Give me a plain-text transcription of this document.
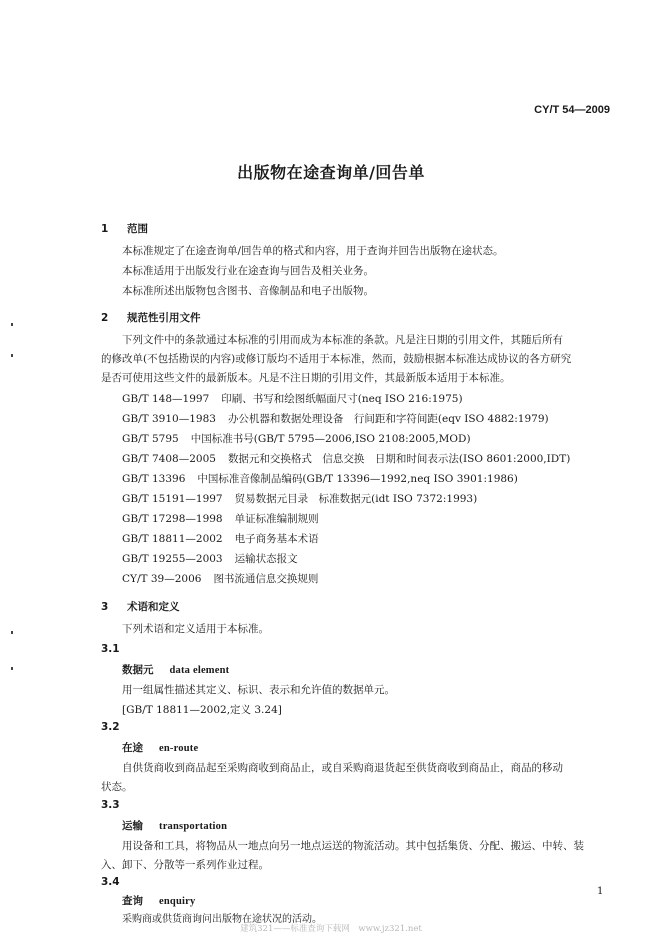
CY/T 54—2009
出版物在途查询单/回告单
1 范围
本标准规定了在途查询单/回告单的格式和内容，用于查询并回告出版物在途状态。
本标准适用于出版发行业在途查询与回告及相关业务。
本标准所述出版物包含图书、音像制品和电子出版物。
2 规范性引用文件
下列文件中的条款通过本标准的引用而成为本标准的条款。凡是注日期的引用文件，其随后所有
的修改单(不包括勘误的内容)或修订版均不适用于本标准，然而，鼓励根据本标准达成协议的各方研究
是否可使用这些文件的最新版本。凡是不注日期的引用文件，其最新版本适用于本标准。
GB/T 148—1997 印刷、书写和绘图纸幅面尺寸(neq ISO 216:1975)
GB/T 3910—1983 办公机器和数据处理设备　行间距和字符间距(eqv ISO 4882:1979)
GB/T 5795 中国标准书号(GB/T 5795—2006,ISO 2108:2005,MOD)
GB/T 7408—2005 数据元和交换格式　信息交换　日期和时间表示法(ISO 8601:2000,IDT)
GB/T 13396 中国标准音像制品编码(GB/T 13396—1992,neq ISO 3901:1986)
GB/T 15191—1997 贸易数据元目录　标准数据元(idt ISO 7372:1993)
GB/T 17298—1998 单证标准编制规则
GB/T 18811—2002 电子商务基本术语
GB/T 19255—2003 运输状态报文
CY/T 39—2006 图书流通信息交换规则
3 术语和定义
下列术语和定义适用于本标准。
3.1
数据元 data element
用一组属性描述其定义、标识、表示和允许值的数据单元。
[GB/T 18811—2002,定义 3.24]
3.2
在途 en-route
自供货商收到商品起至采购商收到商品止，或自采购商退货起至供货商收到商品止，商品的移动
状态。
3.3
运输 transportation
用设备和工具，将物品从一地点向另一地点运送的物流活动。其中包括集货、分配、搬运、中转、装
入、卸下、分散等一系列作业过程。
3.4
查询 enquiry
采购商或供货商询问出版物在途状况的活动。
1
建筑321——标准查询下载网　www.jz321.net
